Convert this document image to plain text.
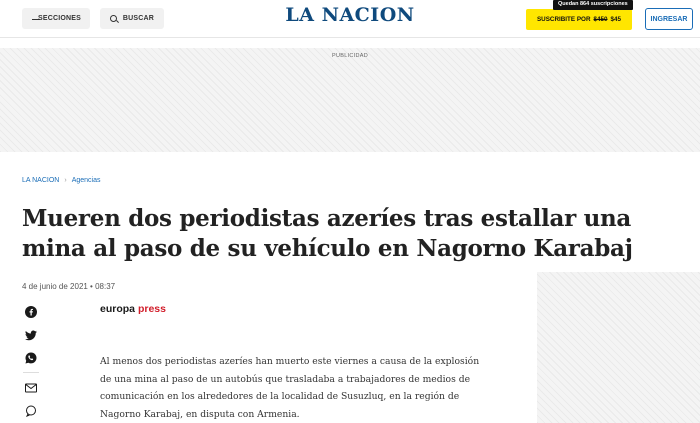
SECCIONES	BUSCAR	LA NACION	SUSCRIBITE POR $450 $45
Quedan 864 suscripciones
INGRESAR
PUBLICIDAD
LA NACION › Agencias
Mueren dos periodistas azeríes tras estallar una mina al paso de su vehículo en Nagorno Karabaj
4 de junio de 2021 • 08:37
europa press

Al menos dos periodistas azeríes han muerto este viernes a causa de la explosión de una mina al paso de un autobús que trasladaba a trabajadores de medios de comunicación en los alrededores de la localidad de Susuzluq, en la región de Nagorno Karabaj, en disputa con Armenia.
